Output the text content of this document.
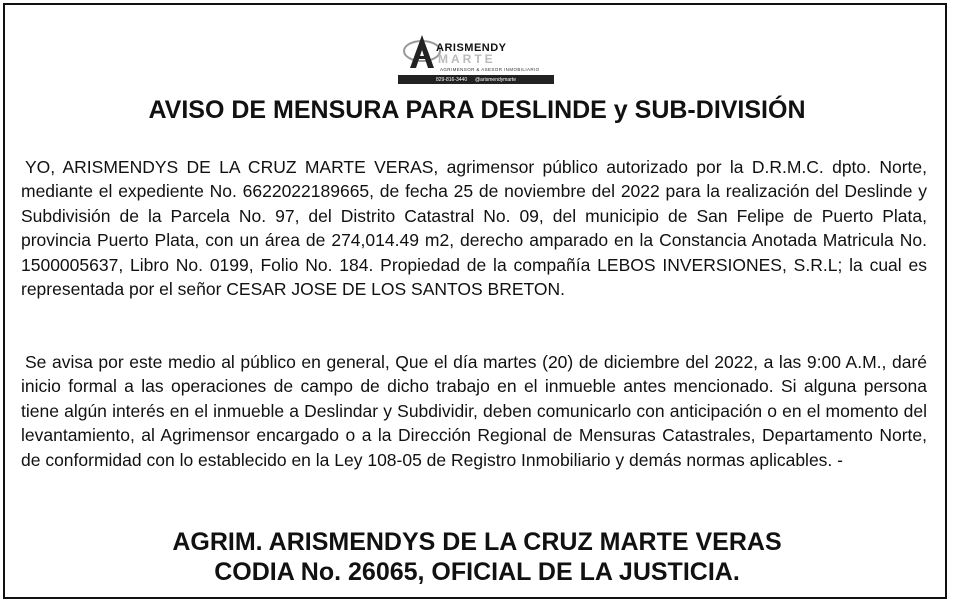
ARISMENDY
MARTE
AGRIMENSOR & ASESOR INMOBILIARIO
829-816-3440 @arismendymarte
AVISO DE MENSURA PARA DESLINDE y SUB-DIVISIÓN

YO, ARISMENDYS DE LA CRUZ MARTE VERAS, agrimensor público autorizado por la D.R.M.C. dpto. Norte, mediante el expediente No. 6622022189665, de fecha 25 de noviembre del 2022 para la realización del Deslinde y Subdivisión de la Parcela No. 97, del Distrito Catastral No. 09, del municipio de San Felipe de Puerto Plata, provincia Puerto Plata, con un área de 274,014.49 m2, derecho amparado en la Constancia Anotada Matricula No. 1500005637, Libro No. 0199, Folio No. 184. Propiedad de la compañía LEBOS INVERSIONES, S.R.L; la cual es representada por el señor CESAR JOSE DE LOS SANTOS BRETON.

Se avisa por este medio al público en general, Que el día martes (20) de diciembre del 2022, a las 9:00 A.M., daré inicio formal a las operaciones de campo de dicho trabajo en el inmueble antes mencionado. Si alguna persona tiene algún interés en el inmueble a Deslindar y Subdividir, deben comunicarlo con anticipación o en el momento del levantamiento, al Agrimensor encargado o a la Dirección Regional de Mensuras Catastrales, Departamento Norte, de conformidad con lo establecido en la Ley 108-05 de Registro Inmobiliario y demás normas aplicables. -

AGRIM. ARISMENDYS DE LA CRUZ MARTE VERAS
CODIA No. 26065, OFICIAL DE LA JUSTICIA.
